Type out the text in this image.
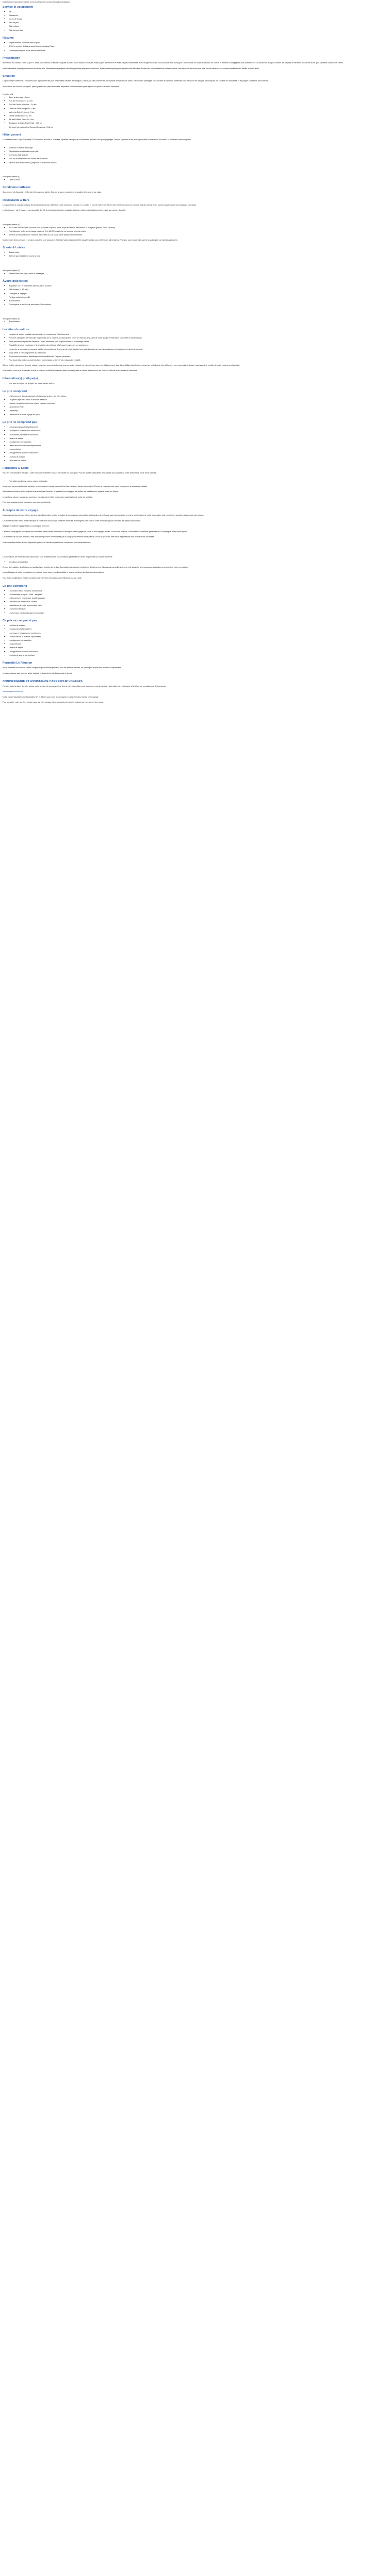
Description Ce joli campement 3 ó est un campement proche Korodjo Cumbagnes :
Service et équipement
▪ wifi
▪ Restaurant
▪ Cours de tennis
▪ Parc de jeux
▪ Club enfants
▪ Club de bien-être
Résumé
▪ Emplacements à l'ombre dans le parc
▪ À 200 m environ de Bains-sous-Vent ou Mustang Resort
▪ Le camping dispose d'une piscine extérieure
Présentation

Bienvenue au Tobasso Hotel & Spa 3*. Nous vous offrons un séjour tranquille au cœur d'une nature préservée, entre plages de sable fin et forêts de pins centenaires. Notre équipe dévouée vous accueille tout au long de l'année dans un cadre chaleureux où confort et détente se conjuguent avec authenticité. Les amoureux du sport comme les adeptes du farniente trouveront ici de quoi satisfaire toutes leurs envies.

Idéalement situé à quelques minutes du centre-ville, l'établissement propose des hébergements spacieux et lumineux, entièrement équipés pour garantir votre bien-être. Profitez de nos installations modernes et de nos nombreux services pour faire de vos vacances un moment inoubliable en famille ou entre amis.

Situation

Le parc Tasso Belvedere / Tosina est situé à proximité des plus beaux sites naturels de la région, à deux pas des commerces, restaurants et activités de loisirs. Sa situation privilégiée vous permet de rayonner facilement pour découvrir les villages pittoresques, les sentiers de randonnée et les plages surveillées des environs.

Accès facile par la route principale, parking gratuit sur place et navette disponible en haute saison pour rejoindre la gare et le centre historique.

Le point relié
▪ Bains à deux pas : 800 m
▪ Plan de mer Douces : 2,2 km
▪ Pont de Préval Branchos : 2,8 km
▪ Canal de Brice Rouge bis : 5 km
▪ Vallée du Soleil (15 min) : 9 km
▪ Centre Vieille-Rose : 12 km
▪ Bai des Petites Gars : 14,1 km
▪ Boutiques de Saint-Jean l'Ovid : 15,5 km
▪ Aéroport International de Rossant-Servières : 31,6 km
Hébergement

Le Tobasso Hotel & Spa 3* compte 211 chambres au total et 12 suites, réparties dans plusieurs bâtiments au cœur d'un parc paysager. Chaque logement a été pensé pour offrir un maximum de confort et d'intimité à ses occupants.

▪ Terrasse ou balcon aménagé
▪ Climatisation et télévision écran plat
▪ Connexion Wifi gratuite
▪ Mini-bar et coffre-fort dans toutes les chambres
▪ Salle de bain avec douche, peignoirs et chaussons fournis
Avec participation (€)
▪ Cable d'accès
Conditions tarifaires

Supplément Lit d'appoint : 15 € / nuit. Animaux non admis. Taxe de séjour en supplément, payable directement sur place.

Restaurants & Bars

Les gourmets ne manqueront pas de découvrir la cuisine raffinée de notre restaurant principal « Le Jardin », ouvert midi et soir. Notre chef met à l'honneur les produits frais du marché et les saveurs locales dans une ambiance conviviale.

Le bar lounge « La Terrasse » vous accueille de 10h à minuit pour déguster cocktails, boissons fraîches et collations légères face au coucher du soleil.

Avec participation (€)
▪ Pour votre confort, nous pouvons vous préparer un panier pique-nique sur simple demande à la réception (prévoir 24h à l'avance).
▪ Petit-déjeuner buffet servi chaque matin de 7h à 10h30 en salle ou en terrasse selon la météo.
▪ Service de restauration en chambre disponible de 11h à 22h, carte spéciale sur demande.

Nos formules demi-pension et pension complète sont proposées à la réservation et peuvent être adaptées selon vos préférences alimentaires. N'hésitez pas à nous faire part de vos allergies ou régimes particuliers.

Sports & Loisirs
▪ Beach volley
▪ Salle de gym et piste de course à pied
Avec participation (€)
▪ Espace bien-être : Spa, soins et massages
Àvoirs disposition
▪ Bicyclette, VTT et trottinettes électriques en location
▪ Club enfants (4-12 ans)
▪ Consignes à bagages
▪ Parking gratuit et surveillé
▪ Blanchisserie
▪ Conciergerie et service de réservation d'excursions
Avec participation (€)
▪ Blanchisserie
Location de voiture
▪ Location de voiture possible directement à la réception de l'établissement.
▪ Plusieurs catégories de véhicules disponibles, de la citadine au monospace, selon vos besoins et la taille de votre groupe. Réservation conseillée en haute saison.
▪ Tarifs préférentiels pour les clients de l'hôtel, assurance tous risques incluse et kilométrage illimité.
▪ Possibilité de prise en charge et de restitution du véhicule à l'aéroport moyennant un supplément.
▪ Le permis de conduire en cours de validité depuis plus de deux ans est exigé, ainsi qu'une carte bancaire au nom du conducteur principal pour le dépôt de garantie.
▪ Siège bébé et GPS disponibles sur demande.
▪ Supplément conducteur additionnel selon conditions de l'agence partenaire.
▪ Pour toute information complémentaire, notre équipe se tient à votre disposition 24h/24.

Afin de profiter pleinement de votre séjour, nous vous recommandons de réserver votre véhicule en même temps que votre hébergement. Les disponibilités étant limitées durant les périodes de forte affluence, une réservation anticipée vous garantit le modèle de votre choix au meilleur tarif.

Une caution vous sera demandée lors de la prise du véhicule et restituée dans son intégralité au retour, sous réserve de l'état du véhicule et du niveau de carburant.

Information(s) pratique(s)
▪ Une taxe de séjour est à régler sur place à votre arrivée.
Le prix comprend :
▪ L'hébergement dans la catégorie choisie pour la durée de votre séjour
▪ Les petits-déjeuners selon la formule réservée
▪ L'accès à la piscine extérieure et aux espaces communs
▪ La connexion Wifi
▪ Le parking
▪ L'assistance de notre équipe sur place
Le prix ne comprend pas :
▪ Le transport jusqu'à l'établissement
▪ Les repas et boissons non mentionnés
▪ Les activités payantes et excursions
▪ La taxe de séjour
▪ Les dépenses personnelles
▪ L'assurance annulation et rapatriement
▪ Les pourboires
▪ Le supplément chambre individuelle
▪ Les frais de dossier
▪ La location de voiture
Formalités & Santé

Pour les ressortissants français : carte nationale d'identité en cours de validité ou passeport. Pour les autres nationalités, renseignez-vous auprès de votre ambassade ou de votre consulat.

▪ Formalités sanitaires : aucun vaccin obligatoire.

Nous vous recommandons de souscrire une assurance voyage couvrant les frais médicaux durant votre séjour. Pensez à emporter votre carte européenne d'assurance maladie.

Informations données à titre indicatif et susceptibles d'évoluer. Il appartient au voyageur de vérifier les conditions en vigueur avant son départ.

Les enfants mineurs voyageant sans leurs parents doivent être munis d'une autorisation de sortie du territoire.

Pour tout renseignement, contactez notre service clientèle.

À propos de votre voyage

Vous voyagez dans les conditions les plus agréables grâce à notre sélection de compagnies partenaires. Les horaires de vol vous sont communiqués lors de la confirmation de votre réservation, puis reconfirmés quelques jours avant votre départ.

Les transferts aller-retour entre l'aéroport et l'hôtel sont inclus dans certaines formules. Renseignez-vous lors de votre réservation pour connaître les options disponibles.

Bagage : franchise bagage selon la compagnie aérienne.

Certaines compagnies appliquent des conditions particulières concernant le transport des bagages de soute et des bagages à main. Nous vous invitons à consulter les conditions générales de la compagnie avant votre départ.

Les horaires de vol sont donnés à titre indicatif et peuvent être modifiés par la compagnie aérienne sans préavis. Nous ne pourrons être tenus responsables des modifications d'horaires.

Nos conseillers restent à votre disposition pour toute demande particulière concernant votre acheminement.

Les conditions de réservation et d'annulation sont détaillées dans nos conditions générales de vente, disponibles sur simple demande.

▪ Conditions d'annulation

En cas d'annulation, des frais seront appliqués en fonction de la date d'annulation par rapport à la date de départ prévue. Nous vous conseillons vivement de souscrire une assurance annulation au moment de votre réservation.

La modification de votre réservation est possible sous réserve de disponibilité et pourra entraîner des frais supplémentaires.

Pour toute modification, veuillez contacter notre service réservations par téléphone ou par email.

Ce prix comprend
▪ Le vol aller-retour en classe économique
▪ Les transferts aéroport - hôtel - aéroport
▪ L'hébergement en chambre double standard
▪ La formule de restauration choisie
▪ L'assistance de notre représentant local
▪ Les taxes d'aéroport
▪ Les services mentionnés dans le descriptif
Ce prix ne comprend pas
▪ Les frais de dossier
▪ Les assurances facultatives
▪ Les repas et boissons non mentionnés
▪ Les excursions et activités optionnelles
▪ Les dépenses personnelles
▪ Les pourboires
▪ La taxe de séjour
▪ Le supplément chambre individuelle
▪ Les frais de visa le cas échéant
Formalité Le Réunion

Pièce d'identité en cours de validité obligatoire pour l'embarquement. Pour les enfants mineurs, se renseigner auprès des autorités compétentes.

Les informations sont fournies à titre indicatif et doivent être vérifiées avant le départ.

CONCIERGERIE ET ASSISTANCE CARREFOUR VOYAGES

Pendant toute la durée de votre séjour, notre service de conciergerie se tient à votre disposition pour répondre à vos demandes : réservation de restaurants, d'activités, de spectacles ou de transports.

www.voyages.carrefour.fr

Notre équipe d'assistance est joignable 7j/7 et 24h/24 pour vous accompagner en cas d'imprévu durant votre voyage.

Pour contacter notre service, rendez-vous sur votre espace client ou appelez le numéro indiqué sur votre carnet de voyage.
